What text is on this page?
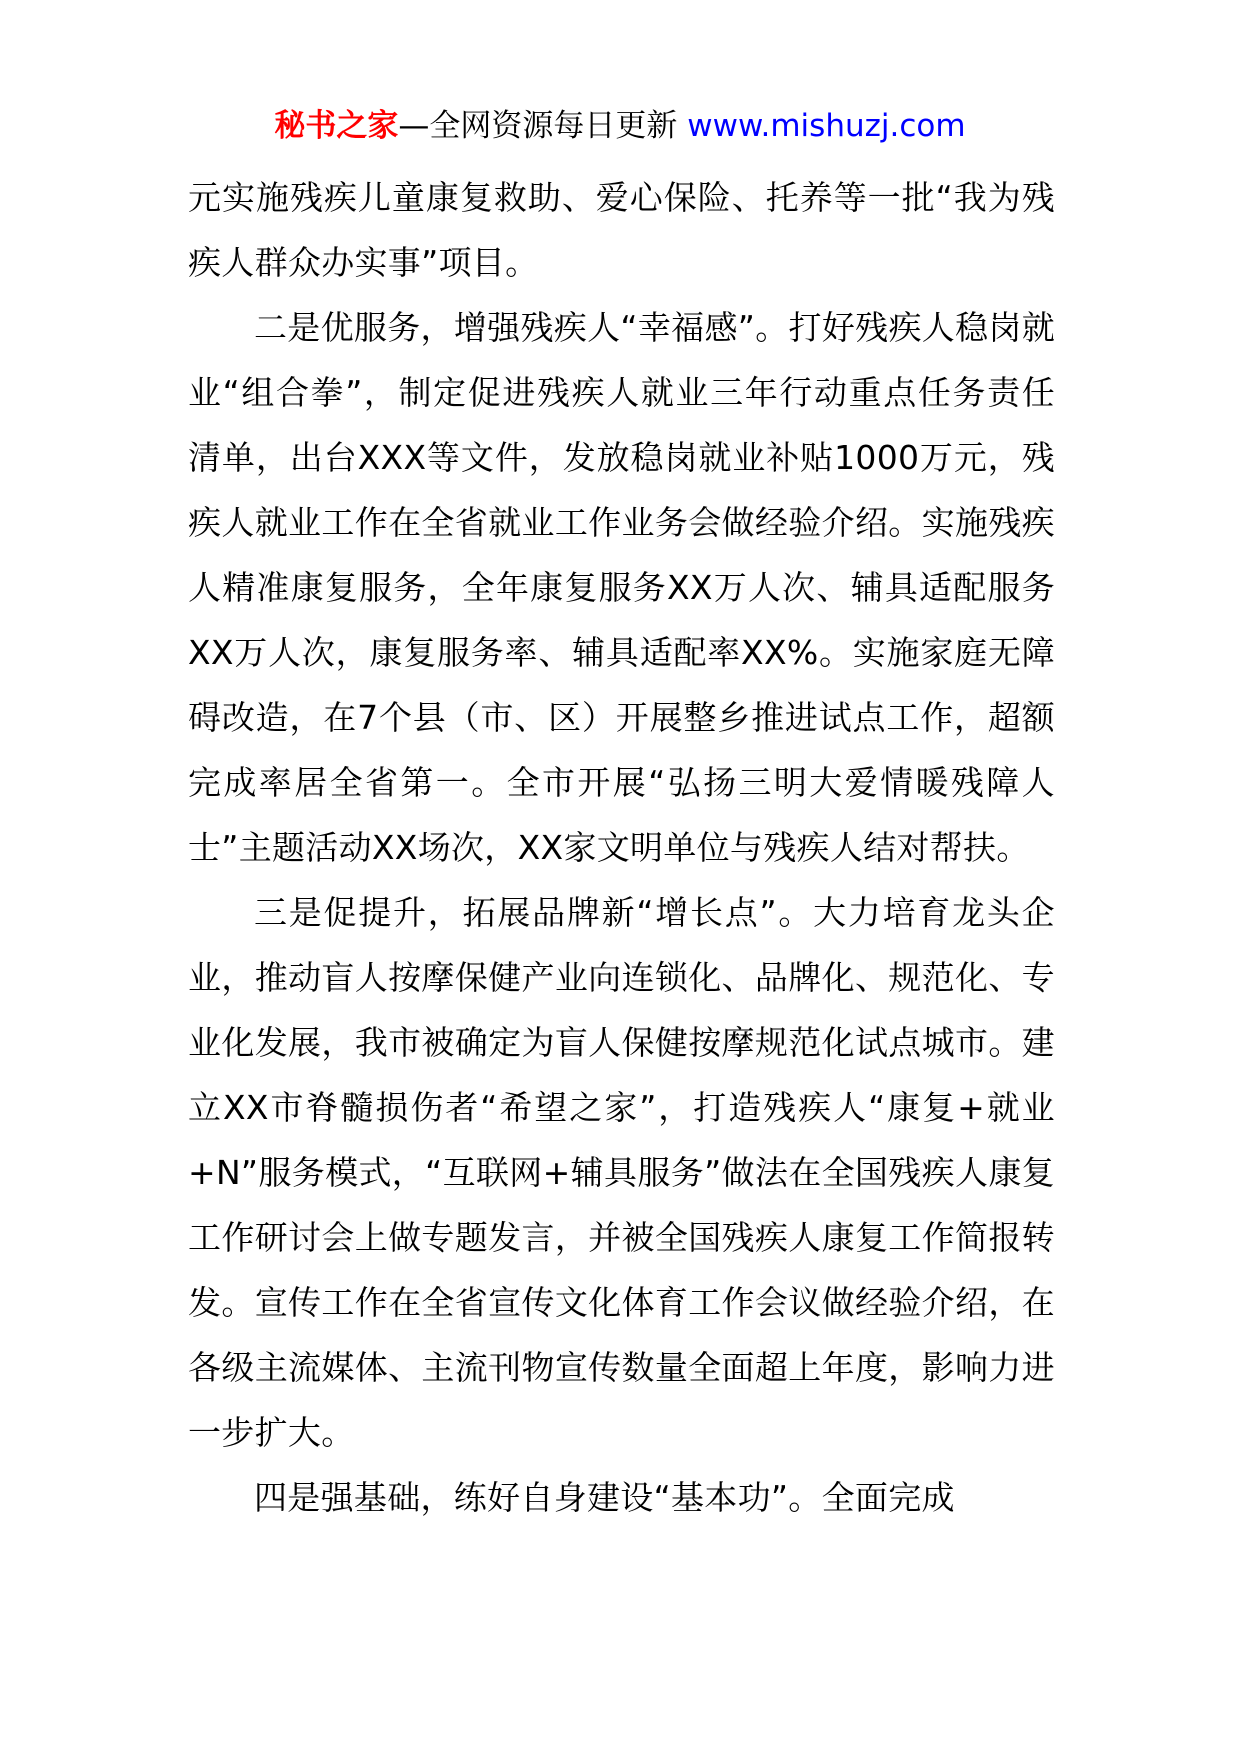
秘书之家—全网资源每日更新 www.mishuzj.com

元实施残疾儿童康复救助、爱心保险、托养等一批“我为残疾人群众办实事”项目。

二是优服务，增强残疾人“幸福感”。打好残疾人稳岗就业“组合拳”，制定促进残疾人就业三年行动重点任务责任清单，出台XXX等文件，发放稳岗就业补贴1000万元，残疾人就业工作在全省就业工作业务会做经验介绍。实施残疾人精准康复服务，全年康复服务XX万人次、辅具适配服务XX万人次，康复服务率、辅具适配率XX%。实施家庭无障碍改造，在7个县（市、区）开展整乡推进试点工作，超额完成率居全省第一。全市开展“弘扬三明大爱情暖残障人士”主题活动XX场次，XX家文明单位与残疾人结对帮扶。

三是促提升，拓展品牌新“增长点”。大力培育龙头企业，推动盲人按摩保健产业向连锁化、品牌化、规范化、专业化发展，我市被确定为盲人保健按摩规范化试点城市。建立XX市脊髓损伤者“希望之家”，打造残疾人“康复+就业+N”服务模式，“互联网+辅具服务”做法在全国残疾人康复工作研讨会上做专题发言，并被全国残疾人康复工作简报转发。宣传工作在全省宣传文化体育工作会议做经验介绍，在各级主流媒体、主流刊物宣传数量全面超上年度，影响力进一步扩大。

四是强基础，练好自身建设“基本功”。全面完成
